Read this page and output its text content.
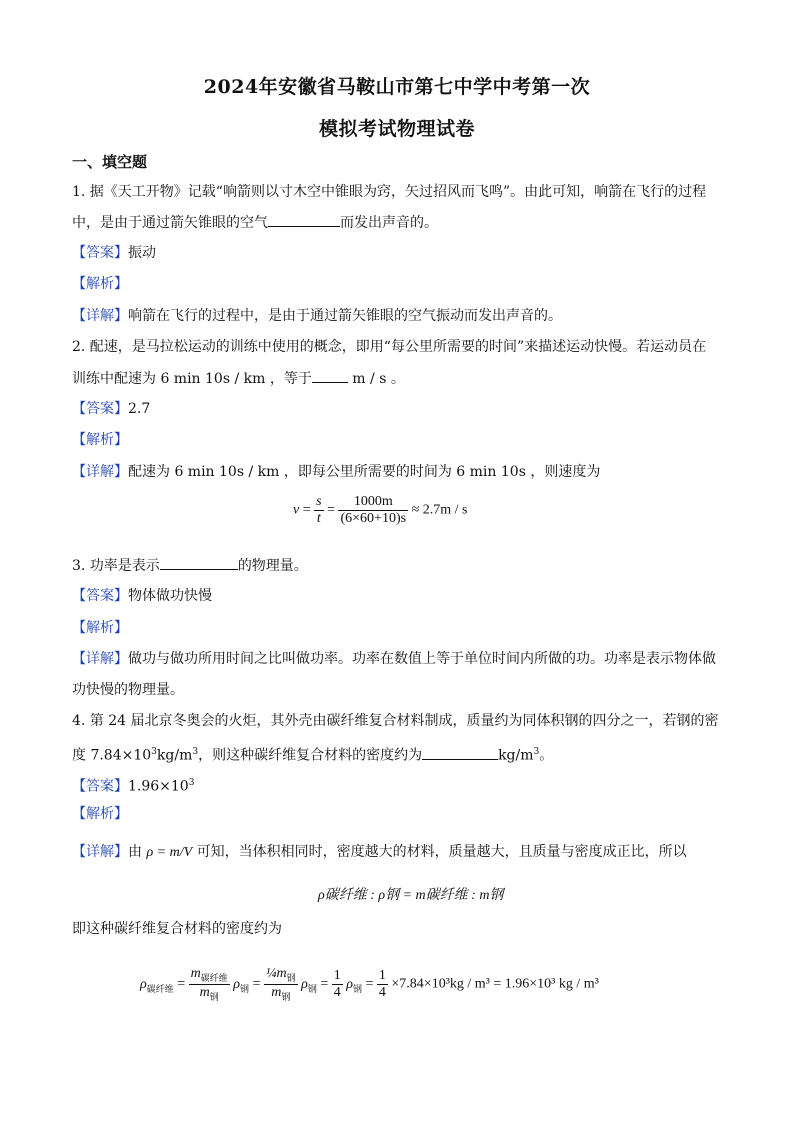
2024年安徽省马鞍山市第七中学中考第一次
模拟考试物理试卷
一、填空题
1. 据《天工开物》记载“响箭则以寸木空中锥眼为窍，矢过招风而飞鸣”。由此可知，响箭在飞行的过程
中，是由于通过箭矢锥眼的空气	而发出声音的。
【答案】振动
【解析】
【详解】响箭在飞行的过程中，是由于通过箭矢锥眼的空气振动而发出声音的。
2. 配速，是马拉松运动的训练中使用的概念，即用“每公里所需要的时间”来描述运动快慢。若运动员在
训练中配速为 6 min 10s / km ，等于	m / s 。
【答案】2.7
【解析】
【详解】配速为 6 min 10s / km ，即每公里所需要的时间为 6 min 10s ，则速度为
$v = \frac{s}{t} = \frac{1000m}{(6\times 60+10)s} \approx 2.7m / s$
3. 功率是表示	的物理量。
【答案】物体做功快慢
【解析】
【详解】做功与做功所用时间之比叫做功率。功率在数值上等于单位时间内所做的功。功率是表示物体做
功快慢的物理量。
4. 第 24 届北京冬奥会的火炬，其外壳由碳纤维复合材料制成，质量约为同体积钢的四分之一，若钢的密
度 $7.84\times 10^3kg/m^3$，则这种碳纤维复合材料的密度约为	$kg/m^3$。
【答案】$1.96\times 10^3$
【解析】
【详解】由 ρ = m/V 可知，当体积相同时，密度越大的材料，质量越大，且质量与密度成正比，所以
ρ碳纤维 : ρ钢 = m碳纤维 : m钢
即这种碳纤维复合材料的密度约为
$\rho_{碳纤维} = \frac{m_{碳纤维}}{m_钢} \rho_钢 = \frac{\frac{1}{4}m_钢}{m_钢} \rho_钢 = \frac{1}{4} \rho_钢 = \frac{1}{4} \times 7.84\times 10^3kg / m^3 = 1.96\times 10^3$ kg / m³
